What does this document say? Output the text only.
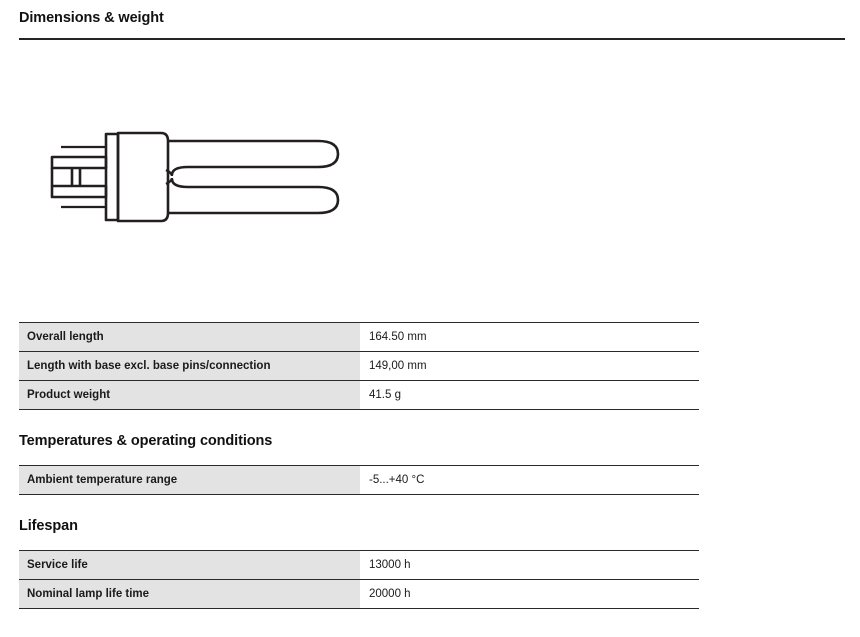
Dimensions & weight
Overall length	164.50 mm
Length with base excl. base pins/connection	149,00 mm
Product weight	41.5 g
Temperatures & operating conditions
Ambient temperature range	-5...+40 °C
Lifespan
Service life	13000 h
Nominal lamp life time	20000 h
